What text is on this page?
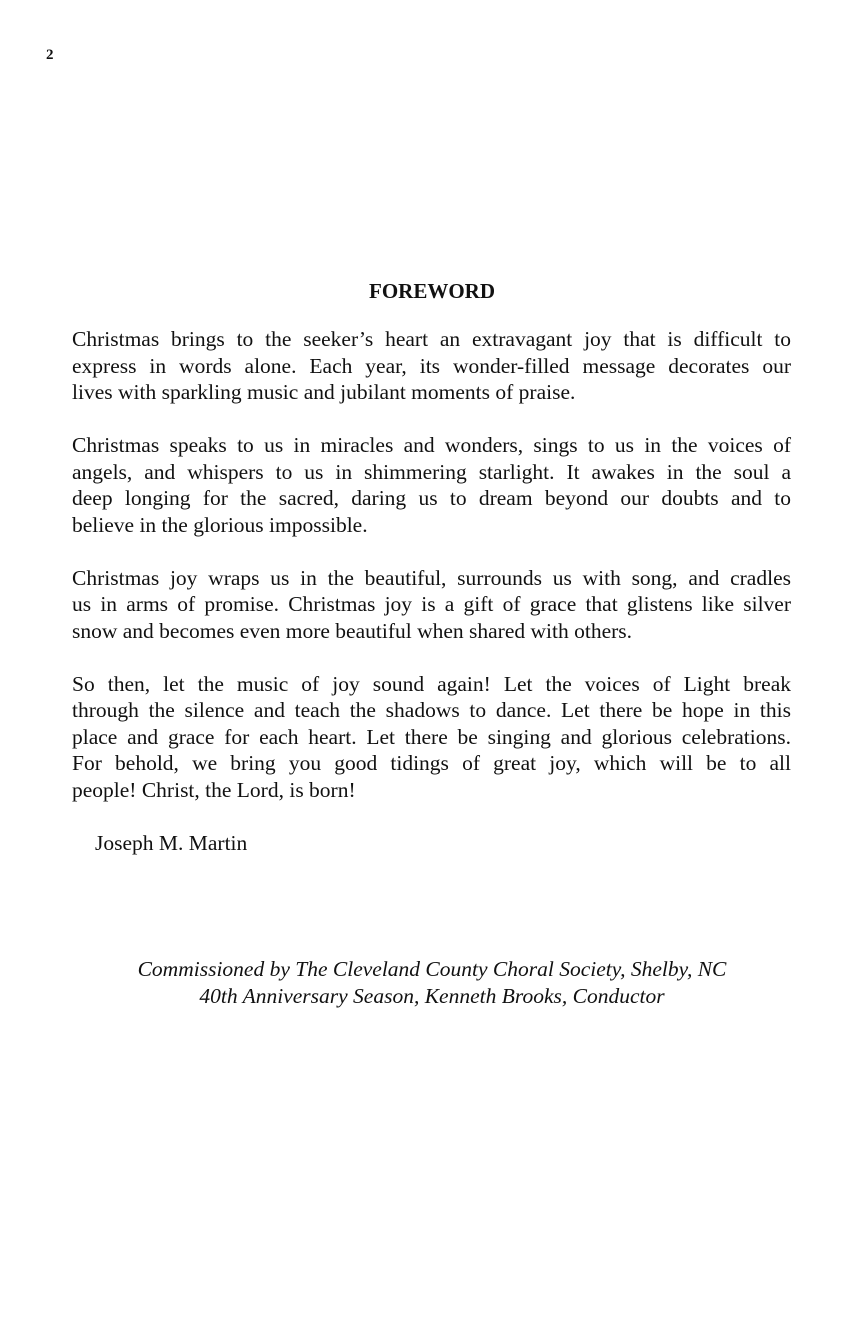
2
FOREWORD
Christmas brings to the seeker’s heart an extravagant joy that is difficult to
express in words alone. Each year, its wonder-filled message decorates our
lives with sparkling music and jubilant moments of praise.
Christmas speaks to us in miracles and wonders, sings to us in the voices of
angels, and whispers to us in shimmering starlight. It awakes in the soul a
deep longing for the sacred, daring us to dream beyond our doubts and to
believe in the glorious impossible.
Christmas joy wraps us in the beautiful, surrounds us with song, and cradles
us in arms of promise. Christmas joy is a gift of grace that glistens like silver
snow and becomes even more beautiful when shared with others.
So then, let the music of joy sound again! Let the voices of Light break
through the silence and teach the shadows to dance. Let there be hope in this
place and grace for each heart. Let there be singing and glorious celebrations.
For behold, we bring you good tidings of great joy, which will be to all
people! Christ, the Lord, is born!
Joseph M. Martin
Commissioned by The Cleveland County Choral Society, Shelby, NC
40th Anniversary Season, Kenneth Brooks, Conductor
